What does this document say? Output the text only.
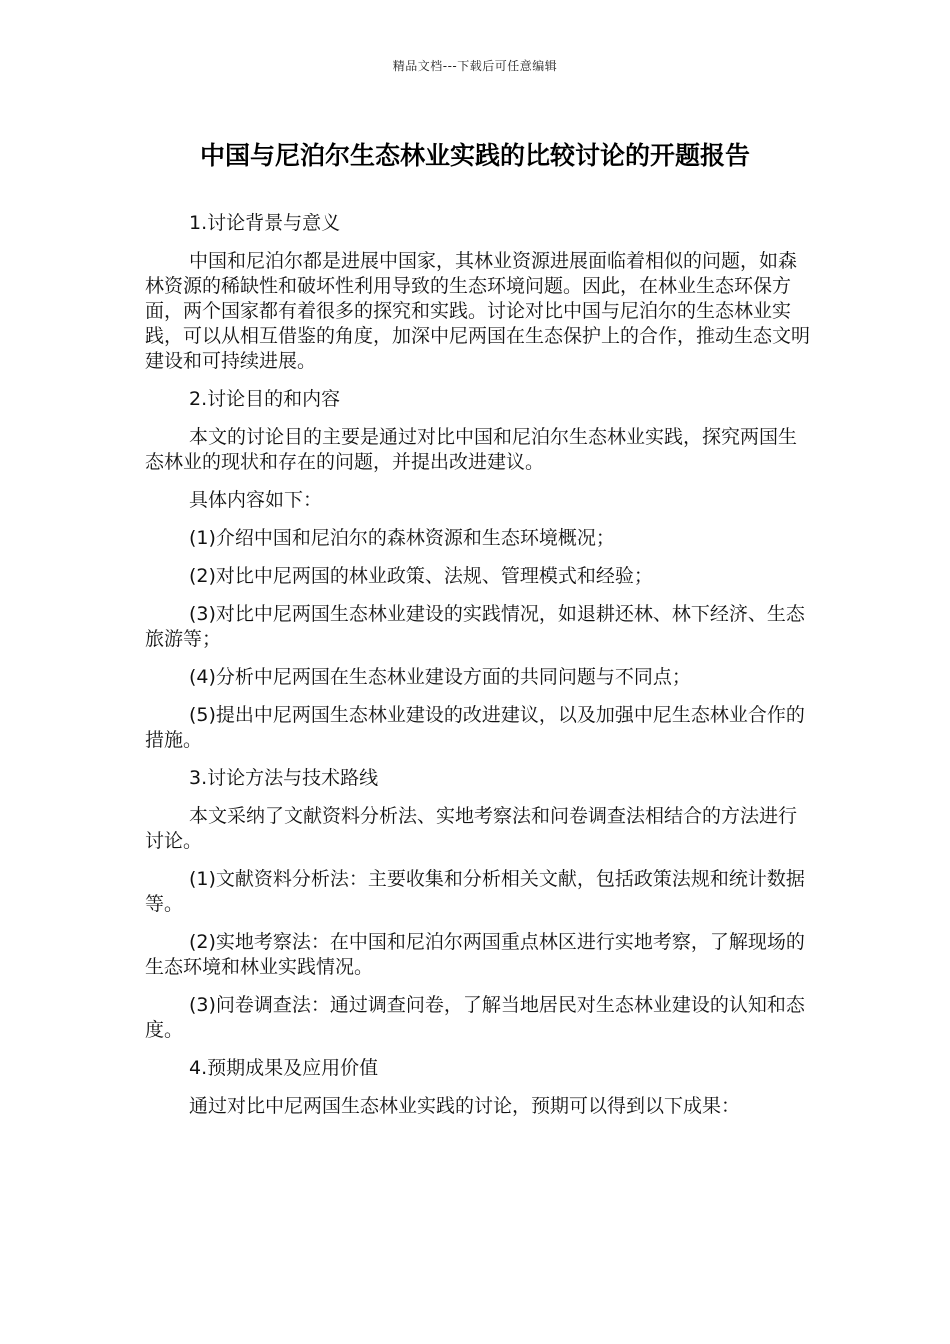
精品文档---下载后可任意编辑
中国与尼泊尔生态林业实践的比较讨论的开题报告

1.讨论背景与意义

中国和尼泊尔都是进展中国家，其林业资源进展面临着相似的问题，如森林资源的稀缺性和破坏性利用导致的生态环境问题。因此，在林业生态环保方面，两个国家都有着很多的探究和实践。讨论对比中国与尼泊尔的生态林业实践，可以从相互借鉴的角度，加深中尼两国在生态保护上的合作，推动生态文明建设和可持续进展。

2.讨论目的和内容

本文的讨论目的主要是通过对比中国和尼泊尔生态林业实践，探究两国生态林业的现状和存在的问题，并提出改进建议。

具体内容如下：

(1)介绍中国和尼泊尔的森林资源和生态环境概况；

(2)对比中尼两国的林业政策、法规、管理模式和经验；

(3)对比中尼两国生态林业建设的实践情况，如退耕还林、林下经济、生态旅游等；

(4)分析中尼两国在生态林业建设方面的共同问题与不同点；

(5)提出中尼两国生态林业建设的改进建议，以及加强中尼生态林业合作的措施。

3.讨论方法与技术路线

本文采纳了文献资料分析法、实地考察法和问卷调查法相结合的方法进行讨论。

(1)文献资料分析法：主要收集和分析相关文献，包括政策法规和统计数据等。

(2)实地考察法：在中国和尼泊尔两国重点林区进行实地考察，了解现场的生态环境和林业实践情况。

(3)问卷调查法：通过调查问卷，了解当地居民对生态林业建设的认知和态度。

4.预期成果及应用价值

通过对比中尼两国生态林业实践的讨论，预期可以得到以下成果：
